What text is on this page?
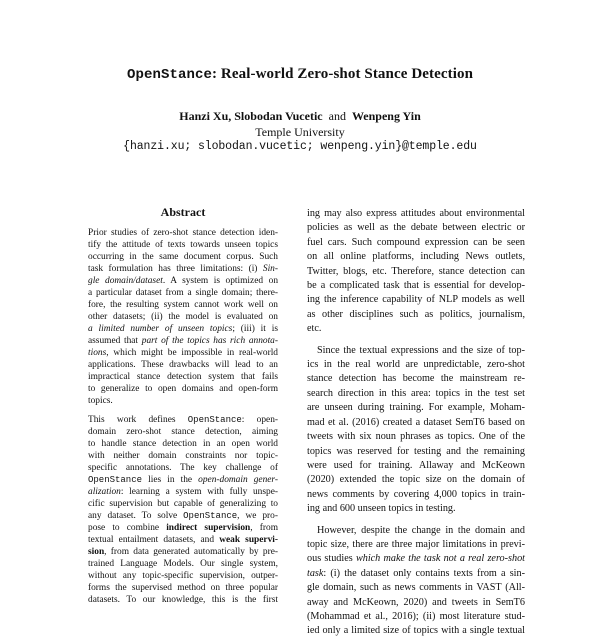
OpenStance: Real-world Zero-shot Stance Detection
Hanzi Xu, Slobodan Vucetic and Wenpeng Yin
Temple University
{hanzi.xu; slobodan.vucetic; wenpeng.yin}@temple.edu
Abstract
Prior studies of zero-shot stance detection iden-
tify the attitude of texts towards unseen topics
occurring in the same document corpus. Such
task formulation has three limitations: (i) Sin-
gle domain/dataset. A system is optimized on
a particular dataset from a single domain; there-
fore, the resulting system cannot work well on
other datasets; (ii) the model is evaluated on
a limited number of unseen topics; (iii) it is
assumed that part of the topics has rich annota-
tions, which might be impossible in real-world
applications. These drawbacks will lead to an
impractical stance detection system that fails
to generalize to open domains and open-form
topics.
This work defines OpenStance: open-
domain zero-shot stance detection, aiming
to handle stance detection in an open world
with neither domain constraints nor topic-
specific annotations. The key challenge of
OpenStance lies in the open-domain gener-
alization: learning a system with fully unspe-
cific supervision but capable of generalizing to
any dataset. To solve OpenStance, we pro-
pose to combine indirect supervision, from
textual entailment datasets, and weak supervi-
sion, from data generated automatically by pre-
trained Language Models. Our single system,
without any topic-specific supervision, outper-
forms the supervised method on three popular
datasets. To our knowledge, this is the first
ing may also express attitudes about environmental
policies as well as the debate between electric or
fuel cars. Such compound expression can be seen
on all online platforms, including News outlets,
Twitter, blogs, etc. Therefore, stance detection can
be a complicated task that is essential for develop-
ing the inference capability of NLP models as well
as other disciplines such as politics, journalism,
etc.
Since the textual expressions and the size of top-
ics in the real world are unpredictable, zero-shot
stance detection has become the mainstream re-
search direction in this area: topics in the test set
are unseen during training. For example, Moham-
mad et al. (2016) created a dataset SemT6 based on
tweets with six noun phrases as topics. One of the
topics was reserved for testing and the remaining
were used for training. Allaway and McKeown
(2020) extended the topic size on the domain of
news comments by covering 4,000 topics in train-
ing and 600 unseen topics in testing.
However, despite the change in the domain and
topic size, there are three major limitations in previ-
ous studies which make the task not a real zero-shot
task: (i) the dataset only contains texts from a sin-
gle domain, such as news comments in VAST (All-
away and McKeown, 2020) and tweets in SemT6
(Mohammad et al., 2016); (ii) most literature stud-
ied only a limited size of topics with a single textual
